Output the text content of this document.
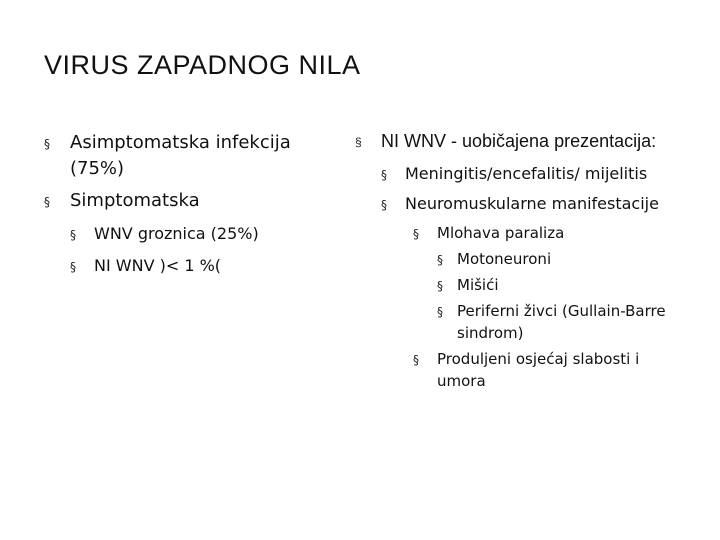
VIRUS ZAPADNOG NILA
§ Asimptomatska infekcija (75%)
§ Simptomatska
§ WNV groznica (25%)
§ NI WNV )< 1 %(
§ NI WNV - uobičajena prezentacija:
§ Meningitis/encefalitis/ mijelitis
§ Neuromuskularne manifestacije
§ Mlohava paraliza
§ Motoneuroni
§ Mišići
§ Periferni živci (Gullain-Barre sindrom)
§ Produljeni osjećaj slabosti i umora
